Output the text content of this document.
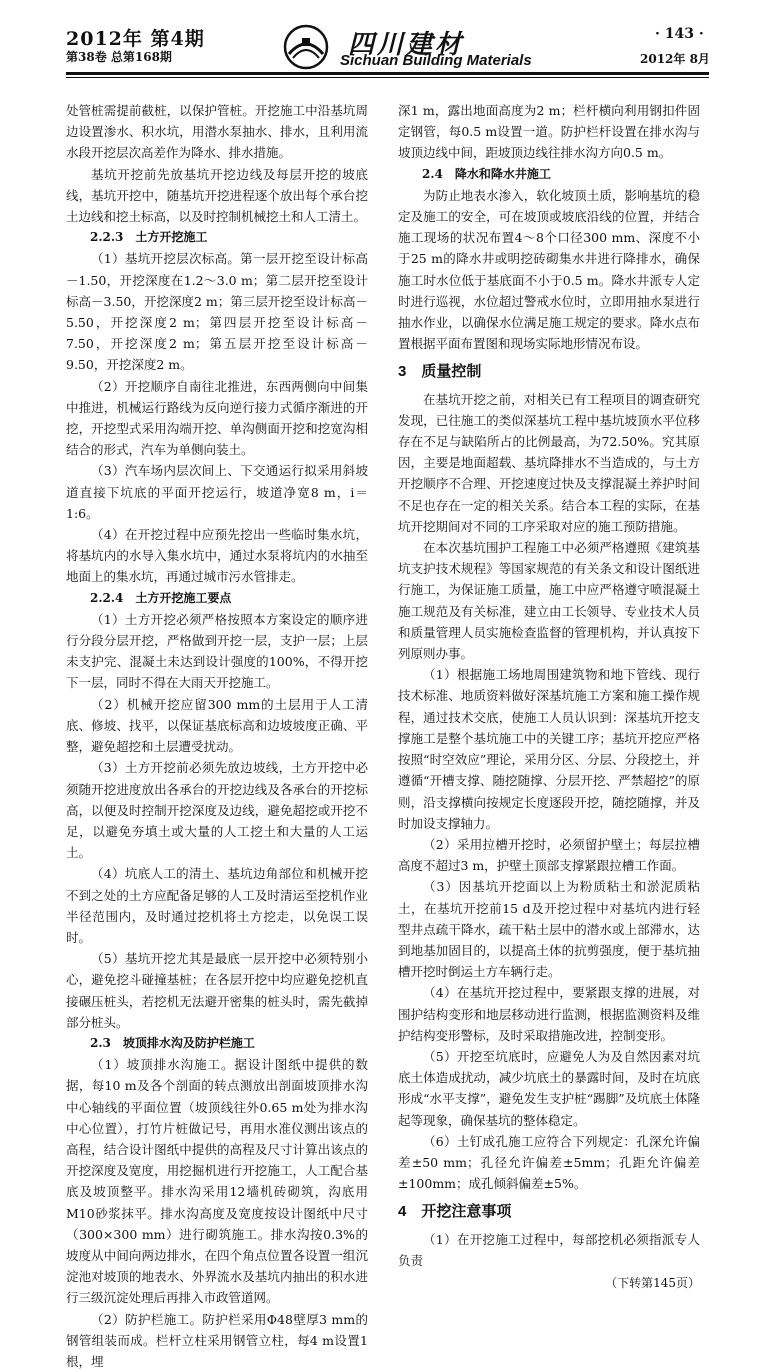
2012年 第4期
第38卷 总第168期	四川建材
Sichuan Building Materials
· 143 ·
2012年 8月

处管桩需提前截桩，以保护管桩。开挖施工中沿基坑周边设置渗水、积水坑，用潜水泵抽水、排水，且利用流水段开挖层次高差作为降水、排水措施。

基坑开挖前先放基坑开挖边线及每层开挖的坡底线，基坑开挖中，随基坑开挖进程逐个放出每个承台挖土边线和挖土标高，以及时控制机械挖土和人工清土。

2.2.3　土方开挖施工

（1）基坑开挖层次标高。第一层开挖至设计标高－1.50，开挖深度在1.2～3.0 m；第二层开挖至设计标高－3.50，开挖深度2 m；第三层开挖至设计标高－5.50，开挖深度2 m；第四层开挖至设计标高－7.50，开挖深度2 m；第五层开挖至设计标高－9.50，开挖深度2 m。

（2）开挖顺序自南往北推进，东西两侧向中间集中推进，机械运行路线为反向逆行接力式循序渐进的开挖，开挖型式采用沟端开挖、单沟侧面开挖和挖宽沟相结合的形式，汽车为单侧向装土。

（3）汽车场内层次间上、下交通运行拟采用斜坡道直接下坑底的平面开挖运行，坡道净宽8 m，i＝1:6。

（4）在开挖过程中应预先挖出一些临时集水坑，将基坑内的水导入集水坑中，通过水泵将坑内的水抽至地面上的集水坑，再通过城市污水管排走。

2.2.4　土方开挖施工要点

（1）土方开挖必须严格按照本方案设定的顺序进行分段分层开挖，严格做到开挖一层，支护一层；上层未支护完、混凝土未达到设计强度的100%，不得开挖下一层，同时不得在大雨天开挖施工。

（2）机械开挖应留300 mm的土层用于人工清底、修坡、找平，以保证基底标高和边坡坡度正确、平整，避免超挖和土层遭受扰动。

（3）土方开挖前必须先放边坡线，土方开挖中必须随开挖进度放出各承台的开挖边线及各承台的开挖标高，以便及时控制开挖深度及边线，避免超挖或开挖不足，以避免夯填土或大量的人工挖土和大量的人工运土。

（4）坑底人工的清土、基坑边角部位和机械开挖不到之处的土方应配备足够的人工及时清运至挖机作业半径范围内，及时通过挖机将土方挖走，以免误工误时。

（5）基坑开挖尤其是最底一层开挖中必须特别小心，避免挖斗碰撞基桩；在各层开挖中均应避免挖机直接碾压桩头，若挖机无法避开密集的桩头时，需先截掉部分桩头。

2.3　坡顶排水沟及防护栏施工

（1）坡顶排水沟施工。据设计图纸中提供的数据，每10 m及各个剖面的转点测放出剖面坡顶排水沟中心轴线的平面位置（坡顶线往外0.65 m处为排水沟中心位置），打竹片桩做记号，再用水准仪测出该点的高程，结合设计图纸中提供的高程及尺寸计算出该点的开挖深度及宽度，用挖掘机进行开挖施工，人工配合基底及坡顶整平。排水沟采用12墙机砖砌筑，沟底用M10砂浆抹平。排水沟高度及宽度按设计图纸中尺寸（300×300 mm）进行砌筑施工。排水沟按0.3%的坡度从中间向两边排水，在四个角点位置各设置一组沉淀池对坡顶的地表水、外界流水及基坑内抽出的积水进行三级沉淀处理后再排入市政管道网。

（2）防护栏施工。防护栏采用Φ48壁厚3 mm的钢管组装而成。栏杆立柱采用钢管立柱，每4 m设置1根，埋

深1 m，露出地面高度为2 m；栏杆横向利用钢扣件固定钢管，每0.5 m设置一道。防护栏杆设置在排水沟与坡顶边线中间，距坡顶边线往排水沟方向0.5 m。

2.4　降水和降水井施工

为防止地表水渗入，软化坡顶土质，影响基坑的稳定及施工的安全，可在坡顶或坡底沿线的位置，并结合施工现场的状况布置4～8个口径300 mm、深度不小于25 m的降水井或明挖砖砌集水井进行降排水，确保施工时水位低于基底面不小于0.5 m。降水井派专人定时进行巡视，水位超过警戒水位时，立即用抽水泵进行抽水作业，以确保水位满足施工规定的要求。降水点布置根据平面布置图和现场实际地形情况布设。

3　质量控制

在基坑开挖之前，对相关已有工程项目的调查研究发现，已往施工的类似深基坑工程中基坑坡顶水平位移存在不足与缺陷所占的比例最高，为72.50%。究其原因，主要是地面超载、基坑降排水不当造成的，与土方开挖顺序不合理、开挖速度过快及支撑混凝土养护时间不足也存在一定的相关关系。结合本工程的实际，在基坑开挖期间对不同的工序采取对应的施工预防措施。

在本次基坑围护工程施工中必须严格遵照《建筑基坑支护技术规程》等国家规范的有关条文和设计图纸进行施工，为保证施工质量，施工中应严格遵守喷混凝土施工规范及有关标准，建立由工长领导、专业技术人员和质量管理人员实施检查监督的管理机构，并认真按下列原则办事。

（1）根据施工场地周围建筑物和地下管线、现行技术标准、地质资料做好深基坑施工方案和施工操作规程，通过技术交底，使施工人员认识到：深基坑开挖支撑施工是整个基坑施工中的关键工序；基坑开挖应严格按照“时空效应”理论，采用分区、分层、分段挖土，并遵循“开槽支撑、随挖随撑、分层开挖、严禁超挖”的原则，沿支撑横向按规定长度逐段开挖，随挖随撑，并及时加设支撑轴力。

（2）采用拉槽开挖时，必须留护壁土；每层拉槽高度不超过3 m，护壁土顶部支撑紧跟拉槽工作面。

（3）因基坑开挖面以上为粉质粘土和淤泥质粘土，在基坑开挖前15 d及开挖过程中对基坑内进行轻型井点疏干降水，疏干粘土层中的潜水或上部滞水，达到地基加固目的，以提高土体的抗剪强度，便于基坑抽槽开挖时倒运土方车辆行走。

（4）在基坑开挖过程中，要紧跟支撑的进展，对围护结构变形和地层移动进行监测，根据监测资料及维护结构变形警标，及时采取措施改进，控制变形。

（5）开挖至坑底时，应避免人为及自然因素对坑底土体造成扰动，减少坑底土的暴露时间，及时在坑底形成“水平支撑”，避免发生支护桩“踢脚”及坑底土体隆起等现象，确保基坑的整体稳定。

（6）土钉成孔施工应符合下列规定：孔深允许偏差±50 mm；孔径允许偏差±5mm；孔距允许偏差±100mm；成孔倾斜偏差±5%。

4　开挖注意事项

（1）在开挖施工过程中，每部挖机必须指派专人负责

（下转第145页）
